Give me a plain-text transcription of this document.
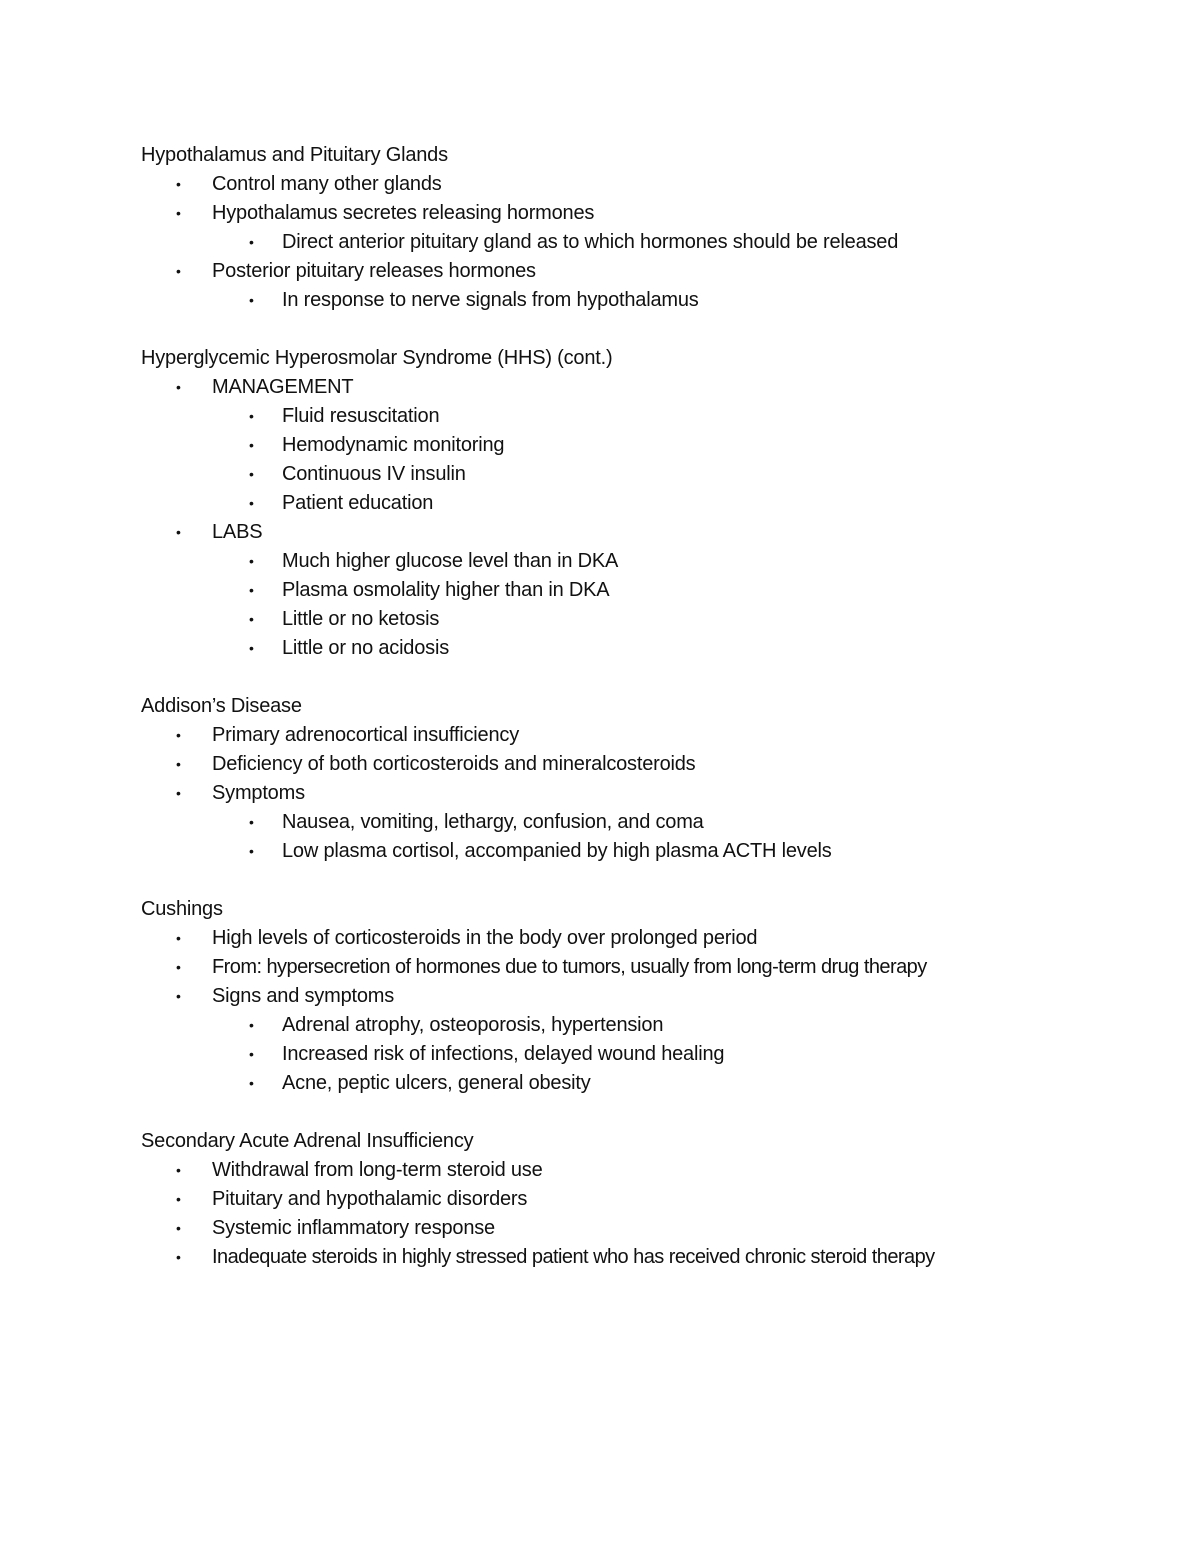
Hypothalamus and Pituitary Glands
• Control many other glands
• Hypothalamus secretes releasing hormones
• Direct anterior pituitary gland as to which hormones should be released
• Posterior pituitary releases hormones
• In response to nerve signals from hypothalamus
Hyperglycemic Hyperosmolar Syndrome (HHS) (cont.)
• MANAGEMENT
• Fluid resuscitation
• Hemodynamic monitoring
• Continuous IV insulin
• Patient education
• LABS
• Much higher glucose level than in DKA
• Plasma osmolality higher than in DKA
• Little or no ketosis
• Little or no acidosis
Addison’s Disease
• Primary adrenocortical insufficiency
• Deficiency of both corticosteroids and mineralcosteroids
• Symptoms
• Nausea, vomiting, lethargy, confusion, and coma
• Low plasma cortisol, accompanied by high plasma ACTH levels
Cushings
• High levels of corticosteroids in the body over prolonged period
• From: hypersecretion of hormones due to tumors, usually from long-term drug therapy
• Signs and symptoms
• Adrenal atrophy, osteoporosis, hypertension
• Increased risk of infections, delayed wound healing
• Acne, peptic ulcers, general obesity
Secondary Acute Adrenal Insufficiency
• Withdrawal from long-term steroid use
• Pituitary and hypothalamic disorders
• Systemic inflammatory response
• Inadequate steroids in highly stressed patient who has received chronic steroid therapy
